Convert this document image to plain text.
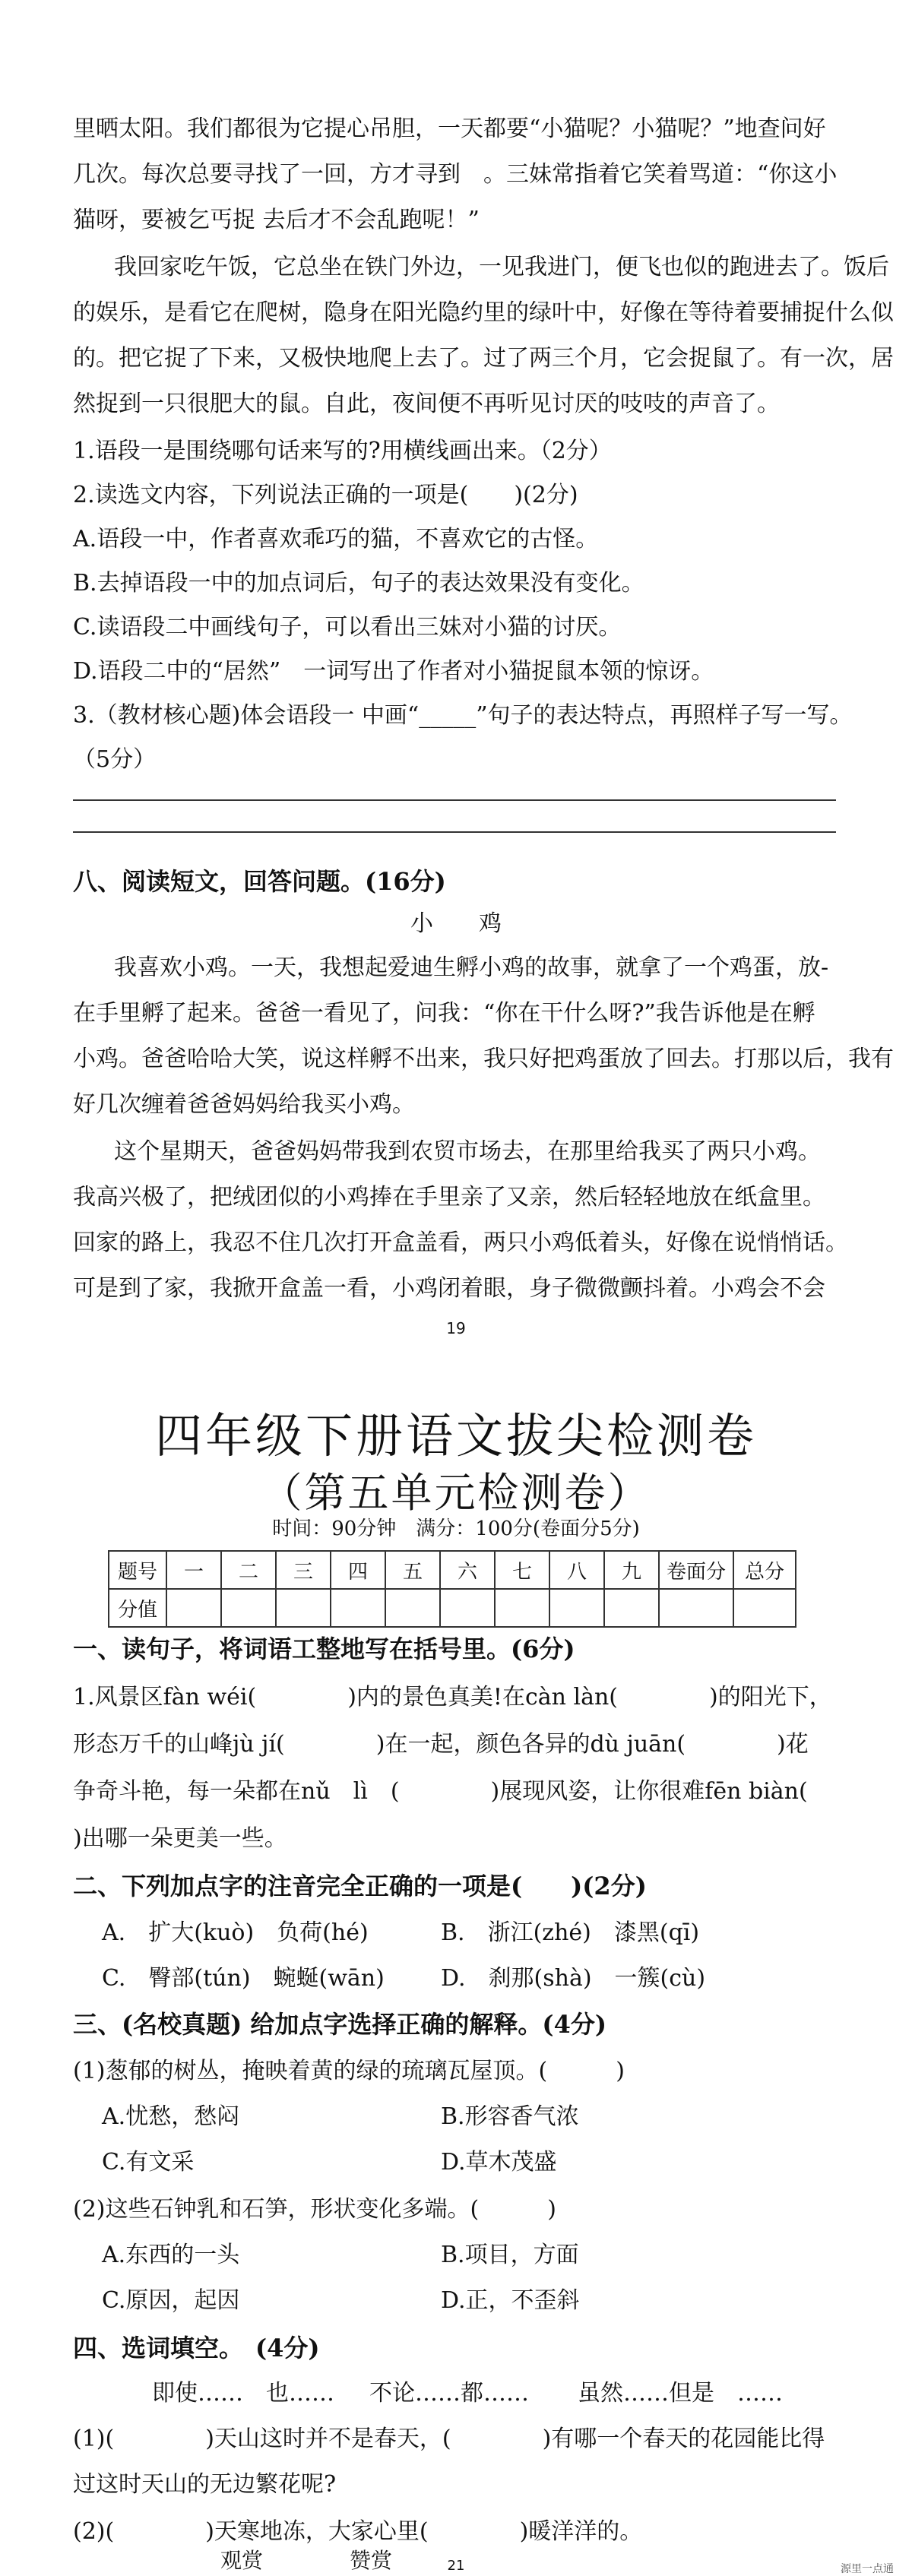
里晒太阳。我们都很为它提心吊胆，一天都要“小猫呢？小猫呢？”地查问好
几次。每次总要寻找了一回，方才寻到　。三妹常指着它笑着骂道：“你这小
猫呀，要被乞丐捉 去后才不会乱跑呢！”
我回家吃午饭，它总坐在铁门外边，一见我进门，便飞也似的跑进去了。饭后
的娱乐，是看它在爬树，隐身在阳光隐约里的绿叶中，好像在等待着要捕捉什么似
的。把它捉了下来，又极快地爬上去了。过了两三个月，它会捉鼠了。有一次，居
然捉到一只很肥大的鼠。自此，夜间便不再听见讨厌的吱吱的声音了。
1.语段一是围绕哪句话来写的?用横线画出来。（2分）
2.读选文内容，下列说法正确的一项是(　　)(2分)
A.语段一中，作者喜欢乖巧的猫，不喜欢它的古怪。
B.去掉语段一中的加点词后，句子的表达效果没有变化。
C.读语段二中画线句子，可以看出三妹对小猫的讨厌。
D.语段二中的“居然”　一词写出了作者对小猫捉鼠本领的惊讶。
3.（教材核心题)体会语段一 中画“_____”句子的表达特点，再照样子写一写。
（5分）
八、阅读短文，回答问题。(16分)
小　　鸡
我喜欢小鸡。一天，我想起爱迪生孵小鸡的故事，就拿了一个鸡蛋，放-
在手里孵了起来。爸爸一看见了，问我：“你在干什么呀?”我告诉他是在孵
小鸡。爸爸哈哈大笑，说这样孵不出来，我只好把鸡蛋放了回去。打那以后，我有
好几次缠着爸爸妈妈给我买小鸡。
这个星期天，爸爸妈妈带我到农贸市场去，在那里给我买了两只小鸡。
我高兴极了，把绒团似的小鸡捧在手里亲了又亲，然后轻轻地放在纸盒里。
回家的路上，我忍不住几次打开盒盖看，两只小鸡低着头，好像在说悄悄话。
可是到了家，我掀开盒盖一看，小鸡闭着眼，身子微微颤抖着。小鸡会不会
19
四年级下册语文拔尖检测卷
（第五单元检测卷）
时间：90分钟　满分：100分(卷面分5分)
题号	一	二	三	四	五	六	七	八	九	卷面分	总分
分值											
一、读句子，将词语工整地写在括号里。(6分)
1.风景区fàn wéi(　　　　)内的景色真美!在càn làn(　　　　)的阳光下，
形态万千的山峰jù jí(　　　　)在一起，颜色各异的dù juān(　　　　)花
争奇斗艳，每一朵都在nǔ　lì　(　　　　)展现风姿，让你很难fēn biàn(
)出哪一朵更美一些。
二、下列加点字的注音完全正确的一项是(　　)(2分)
A.　扩大(kuò)　负荷(hé)	B.　浙江(zhé)　漆黑(qī)
C.　臀部(tún)　蜿蜒(wān) D.　刹那(shà)　一簇(cù)
三、(名校真题) 给加点字选择正确的解释。(4分)
(1)葱郁的树丛，掩映着黄的绿的琉璃瓦屋顶。(　　　)
A.忧愁，愁闷	B.形容香气浓
C.有文采	D.草木茂盛
(2)这些石钟乳和石笋，形状变化多端。(　　　)
A.东西的一头	B.项目，方面
C.原因，起因	D.正，不歪斜
四、选词填空。　(4分)
即使……　也…… 不论……都…… 虽然……但是　……
(1)(　　　　)天山这时并不是春天，(　　　　)有哪一个春天的花园能比得
过这时天山的无边繁花呢?
(2)(　　　　)天寒地冻，大家心里(　　　　)暖洋洋的。
观赏	赞赏	21	源里一点通
